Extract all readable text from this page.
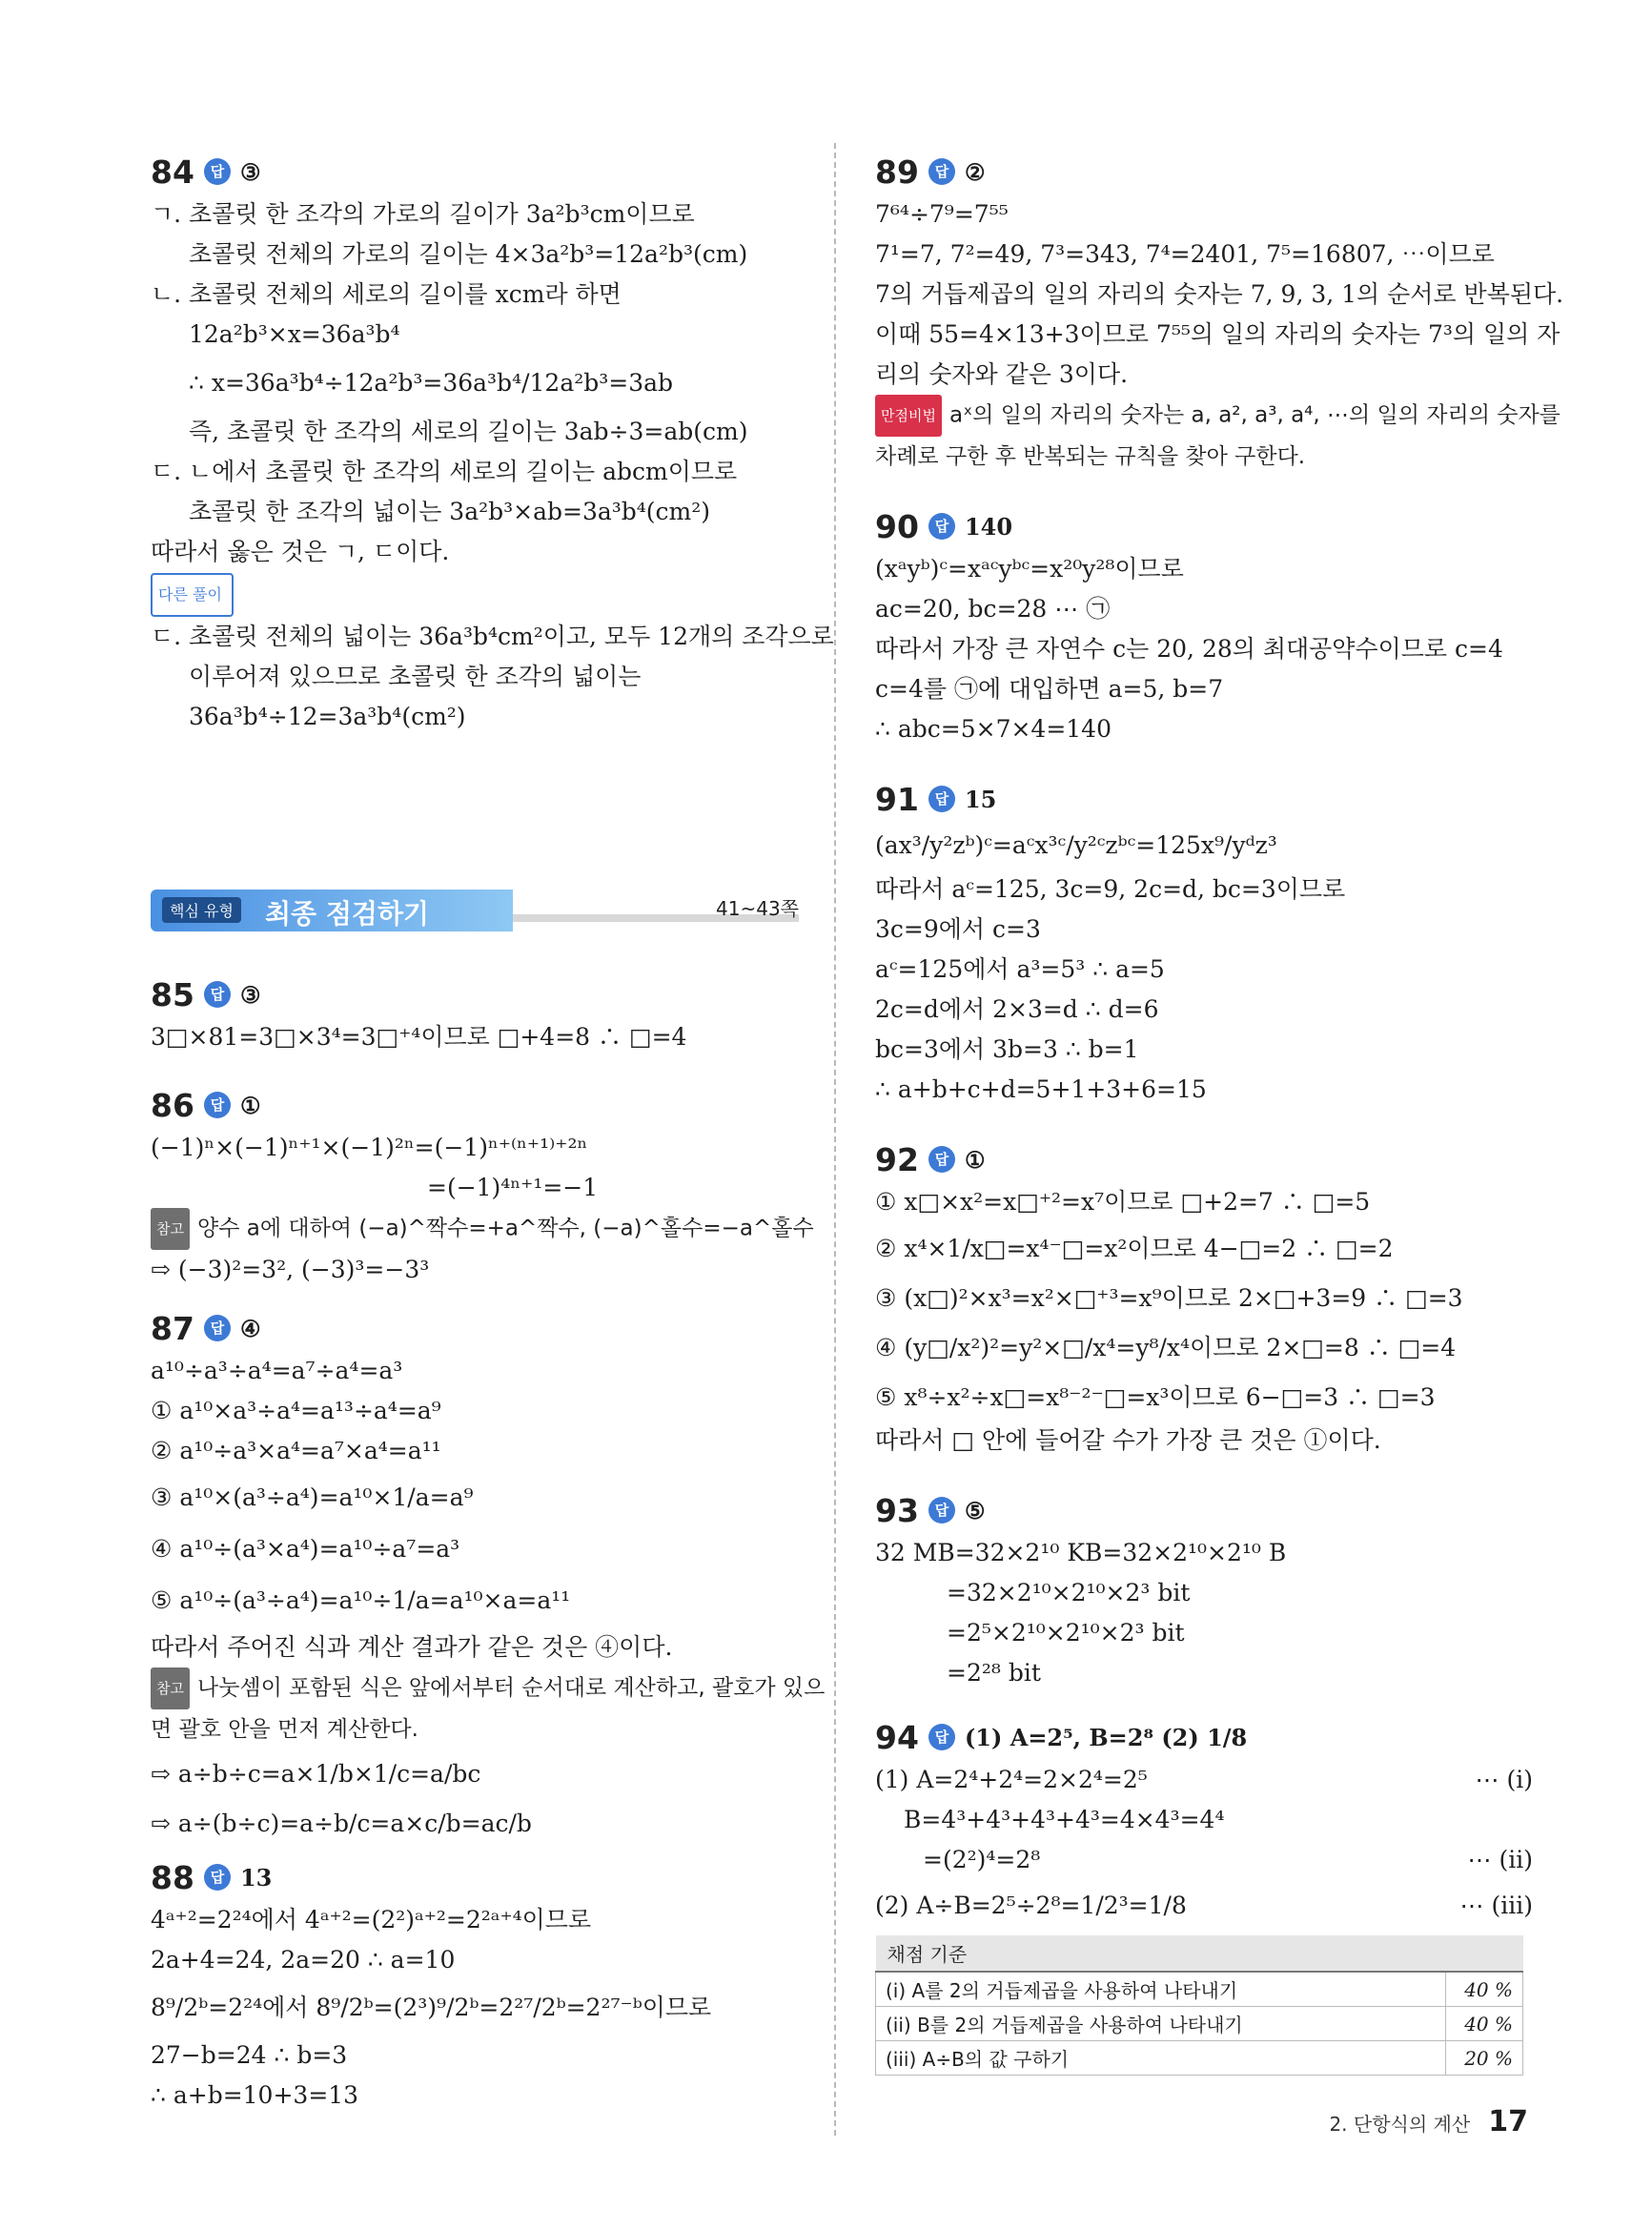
84	답 ③
ㄱ. 초콜릿 한 조각의 가로의 길이가 3a²b³cm이므로
초콜릿 전체의 가로의 길이는 4×3a²b³=12a²b³(cm)
ㄴ. 초콜릿 전체의 세로의 길이를 xcm라 하면
12a²b³×x=36a³b⁴
∴ x=36a³b⁴÷12a²b³=36a³b⁴/12a²b³=3ab
즉, 초콜릿 한 조각의 세로의 길이는 3ab÷3=ab(cm)
ㄷ. ㄴ에서 초콜릿 한 조각의 세로의 길이는 abcm이므로
초콜릿 한 조각의 넓이는 3a²b³×ab=3a³b⁴(cm²)
따라서 옳은 것은 ㄱ, ㄷ이다.
다른 풀이
ㄷ. 초콜릿 전체의 넓이는 36a³b⁴cm²이고, 모두 12개의 조각으로
이루어져 있으므로 초콜릿 한 조각의 넓이는
36a³b⁴÷12=3a³b⁴(cm²)
핵심 유형 최종 점검하기	41~43쪽
85	답 ③
3□×81=3□×3⁴=3□⁺⁴이므로 □+4=8 ∴ □=4
86	답 ①
(−1)ⁿ×(−1)ⁿ⁺¹×(−1)²ⁿ=(−1)ⁿ⁺⁽ⁿ⁺¹⁾⁺²ⁿ
=(−1)⁴ⁿ⁺¹=−1
참고 양수 a에 대하여 (−a)^짝수=+a^짝수, (−a)^홀수=−a^홀수
⇨ (−3)²=3², (−3)³=−3³
87	답 ④
a¹⁰÷a³÷a⁴=a⁷÷a⁴=a³
① a¹⁰×a³÷a⁴=a¹³÷a⁴=a⁹
② a¹⁰÷a³×a⁴=a⁷×a⁴=a¹¹
③ a¹⁰×(a³÷a⁴)=a¹⁰×1/a=a⁹
④ a¹⁰÷(a³×a⁴)=a¹⁰÷a⁷=a³
⑤ a¹⁰÷(a³÷a⁴)=a¹⁰÷1/a=a¹⁰×a=a¹¹
따라서 주어진 식과 계산 결과가 같은 것은 ④이다.
참고 나눗셈이 포함된 식은 앞에서부터 순서대로 계산하고, 괄호가 있으
면 괄호 안을 먼저 계산한다.
⇨ a÷b÷c=a×1/b×1/c=a/bc
⇨ a÷(b÷c)=a÷b/c=a×c/b=ac/b
88	답 13
4ᵃ⁺²=2²⁴에서 4ᵃ⁺²=(2²)ᵃ⁺²=2²ᵃ⁺⁴이므로
2a+4=24, 2a=20 ∴ a=10
8⁹/2ᵇ=2²⁴에서 8⁹/2ᵇ=(2³)⁹/2ᵇ=2²⁷/2ᵇ=2²⁷⁻ᵇ이므로
27−b=24 ∴ b=3
∴ a+b=10+3=13
89	답 ②
7⁶⁴÷7⁹=7⁵⁵
7¹=7, 7²=49, 7³=343, 7⁴=2401, 7⁵=16807, ⋯이므로
7의 거듭제곱의 일의 자리의 숫자는 7, 9, 3, 1의 순서로 반복된다.
이때 55=4×13+3이므로 7⁵⁵의 일의 자리의 숫자는 7³의 일의 자
리의 숫자와 같은 3이다.
만점비법 aˣ의 일의 자리의 숫자는 a, a², a³, a⁴, ⋯의 일의 자리의 숫자를
차례로 구한 후 반복되는 규칙을 찾아 구한다.
90	답 140
(xᵃyᵇ)ᶜ=xᵃᶜyᵇᶜ=x²⁰y²⁸이므로
ac=20, bc=28 ⋯ ㉠
따라서 가장 큰 자연수 c는 20, 28의 최대공약수이므로 c=4
c=4를 ㉠에 대입하면 a=5, b=7
∴ abc=5×7×4=140
91	답 15
(ax³/y²zᵇ)ᶜ=aᶜx³ᶜ/y²ᶜzᵇᶜ=125x⁹/yᵈz³
따라서 aᶜ=125, 3c=9, 2c=d, bc=3이므로
3c=9에서 c=3
aᶜ=125에서 a³=5³ ∴ a=5
2c=d에서 2×3=d ∴ d=6
bc=3에서 3b=3 ∴ b=1
∴ a+b+c+d=5+1+3+6=15
92	답 ①
① x□×x²=x□⁺²=x⁷이므로 □+2=7 ∴ □=5
② x⁴×1/x□=x⁴⁻□=x²이므로 4−□=2 ∴ □=2
③ (x□)²×x³=x²×□⁺³=x⁹이므로 2×□+3=9 ∴ □=3
④ (y□/x²)²=y²×□/x⁴=y⁸/x⁴이므로 2×□=8 ∴ □=4
⑤ x⁸÷x²÷x□=x⁸⁻²⁻□=x³이므로 6−□=3 ∴ □=3
따라서 □ 안에 들어갈 수가 가장 큰 것은 ①이다.
93	답 ⑤
32 MB=32×2¹⁰ KB=32×2¹⁰×2¹⁰ B
=32×2¹⁰×2¹⁰×2³ bit
=2⁵×2¹⁰×2¹⁰×2³ bit
=2²⁸ bit
94	답 (1) A=2⁵, B=2⁸ (2) 1/8
(1) A=2⁴+2⁴=2×2⁴=2⁵	⋯ (i)
B=4³+4³+4³+4³=4×4³=4⁴
=(2²)⁴=2⁸	⋯ (ii)
(2) A÷B=2⁵÷2⁸=1/2³=1/8	⋯ (iii)
채점 기준	
(i) A를 2의 거듭제곱을 사용하여 나타내기	40 %
(ii) B를 2의 거듭제곱을 사용하여 나타내기	40 %
(iii) A÷B의 값 구하기	20 %
2. 단항식의 계산 17
